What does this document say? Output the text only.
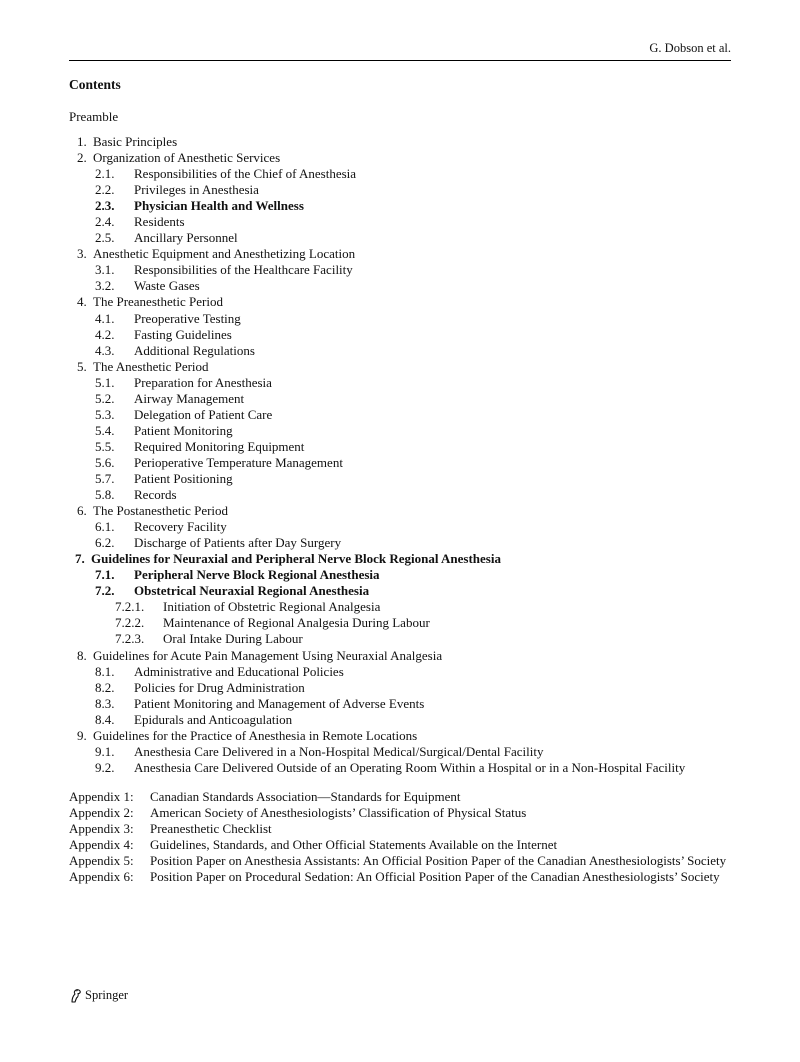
G. Dobson et al.
Contents
Preamble
1. Basic Principles
2. Organization of Anesthetic Services
2.1. Responsibilities of the Chief of Anesthesia
2.2. Privileges in Anesthesia
2.3. Physician Health and Wellness
2.4. Residents
2.5. Ancillary Personnel
3. Anesthetic Equipment and Anesthetizing Location
3.1. Responsibilities of the Healthcare Facility
3.2. Waste Gases
4. The Preanesthetic Period
4.1. Preoperative Testing
4.2. Fasting Guidelines
4.3. Additional Regulations
5. The Anesthetic Period
5.1. Preparation for Anesthesia
5.2. Airway Management
5.3. Delegation of Patient Care
5.4. Patient Monitoring
5.5. Required Monitoring Equipment
5.6. Perioperative Temperature Management
5.7. Patient Positioning
5.8. Records
6. The Postanesthetic Period
6.1. Recovery Facility
6.2. Discharge of Patients after Day Surgery
7. Guidelines for Neuraxial and Peripheral Nerve Block Regional Anesthesia
7.1. Peripheral Nerve Block Regional Anesthesia
7.2. Obstetrical Neuraxial Regional Anesthesia
7.2.1. Initiation of Obstetric Regional Analgesia
7.2.2. Maintenance of Regional Analgesia During Labour
7.2.3. Oral Intake During Labour
8. Guidelines for Acute Pain Management Using Neuraxial Analgesia
8.1. Administrative and Educational Policies
8.2. Policies for Drug Administration
8.3. Patient Monitoring and Management of Adverse Events
8.4. Epidurals and Anticoagulation
9. Guidelines for the Practice of Anesthesia in Remote Locations
9.1. Anesthesia Care Delivered in a Non-Hospital Medical/Surgical/Dental Facility
9.2. Anesthesia Care Delivered Outside of an Operating Room Within a Hospital or in a Non-Hospital Facility
Appendix 1:	Canadian Standards Association—Standards for Equipment
Appendix 2:	American Society of Anesthesiologists’ Classification of Physical Status
Appendix 3:	Preanesthetic Checklist
Appendix 4:	Guidelines, Standards, and Other Official Statements Available on the Internet
Appendix 5:	Position Paper on Anesthesia Assistants: An Official Position Paper of the Canadian Anesthesiologists’ Society
Appendix 6:	Position Paper on Procedural Sedation: An Official Position Paper of the Canadian Anesthesiologists’ Society
Springer
